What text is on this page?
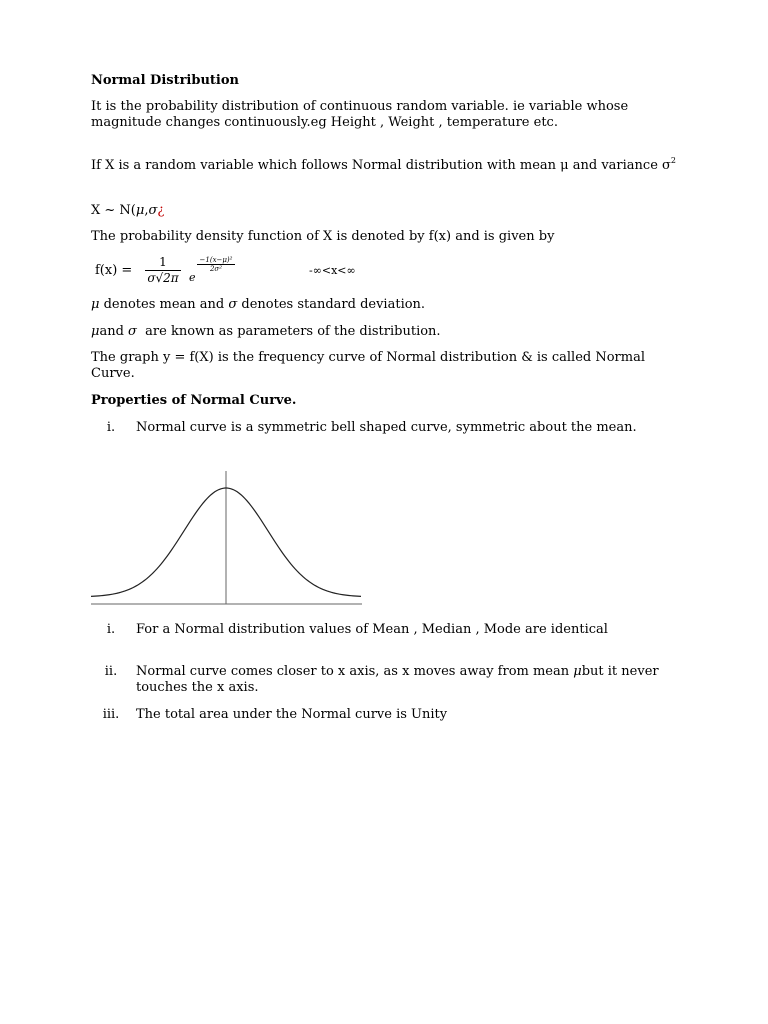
Normal Distribution

It is the probability distribution of continuous random variable. ie variable whose magnitude changes continuously.eg Height , Weight , temperature etc.

If X is a random variable which follows Normal distribution with mean μ and variance $\sigma^2$

X ~ N(μ,σ¿

The probability density function of X is denoted by f(x) and is given by

$f(x) = \frac{1}{\sigma√2\pi}$ e
$\frac{\text{−1(x−μ)²}}{\text{2σ²}}$	-∞<x<∞

μ denotes mean and σ denotes standard deviation.

μand σ  are known as parameters of the distribution.

The graph y = f(X) is the frequency curve of Normal distribution & is called Normal Curve.

Properties of Normal Curve.

i.	Normal curve is a symmetric bell shaped curve, symmetric about the mean.
i.	For a Normal distribution values of Mean , Median , Mode are identical
ii.	Normal curve comes closer to x axis, as x moves away from mean μbut it never touches the x axis.
iii.	The total area under the Normal curve is Unity
